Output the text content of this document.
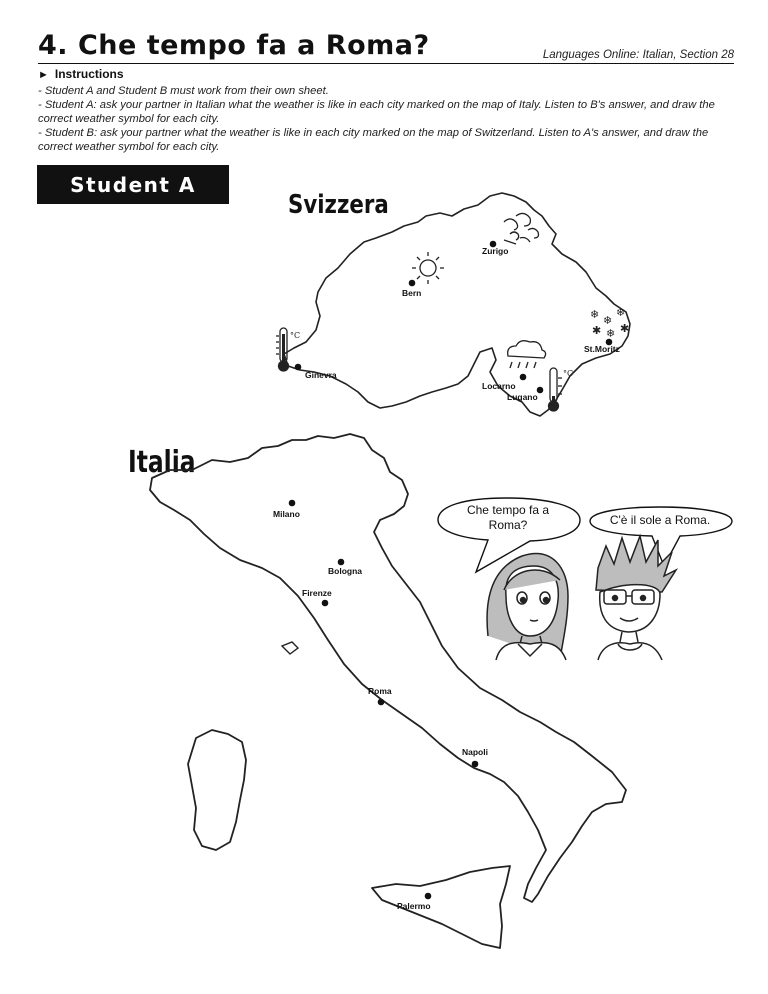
4. Che tempo fa a Roma?	Languages Online: Italian, Section 28
► Instructions
- Student A and Student B must work from their own sheet.
- Student A: ask your partner in Italian what the weather is like in each city marked on the map of Italy. Listen to B's answer, and draw the correct weather symbol for each city.
- Student B: ask your partner what the weather is like in each city marked on the map of Switzerland. Listen to A's answer, and draw the correct weather symbol for each city.
Student A
Svizzera
Italia
Zurigo
Bern
St.Moritz
Ginevra
Locarno
Lugano
❄ ❄
❄
✱ ❄ ✱
°C
°C
Milano
Bologna
Firenze
Roma
Napoli
Palermo
Che tempo fa a Roma?	C'è il sole a Roma.
